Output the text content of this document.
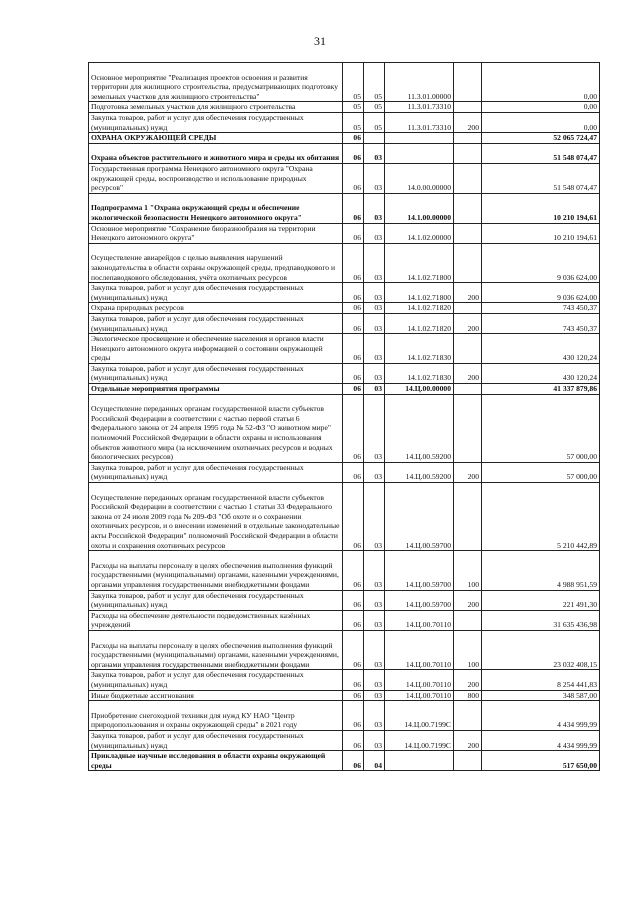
31
Основное мероприятие "Реализация проектов освоения и развития территории для жилищного строительства, предусматривающих подготовку земельных участков для жилищного строительства"	05	05	11.3.01.00000		0,00
Подготовка земельных участков для жилищного строительства	05	05	11.3.01.73310		0,00
Закупка товаров, работ и услуг для обеспечения государственных (муниципальных) нужд	05	05	11.3.01.73310	200	0,00
ОХРАНА ОКРУЖАЮЩЕЙ СРЕДЫ	06				52 065 724,47
Охрана объектов растительного и животного мира и среды их обитания	06	03			51 548 074,47
Государственная программа Ненецкого автономного округа "Охрана окружающей среды, воспроизводство и использование природных ресурсов"	06	03	14.0.00.00000		51 548 074,47
Подпрограмма 1 "Охрана окружающей среды и обеспечение экологической безопасности Ненецкого автономного округа"	06	03	14.1.00.00000		10 210 194,61
Основное мероприятие "Сохранение биоразнообразия на территории Ненецкого автономного округа"	06	03	14.1.02.00000		10 210 194,61
Осуществление авиарейдов с целью выявления нарушений законодательства в области охраны окружающей среды, предпаводкового и послепаводкового обследования, учёта охотничьих ресурсов	06	03	14.1.02.71800		9 036 624,00
Закупка товаров, работ и услуг для обеспечения государственных (муниципальных) нужд	06	03	14.1.02.71800	200	9 036 624,00
Охрана природных ресурсов	06	03	14.1.02.71820		743 450,37
Закупка товаров, работ и услуг для обеспечения государственных (муниципальных) нужд	06	03	14.1.02.71820	200	743 450,37
Экологическое просвещение и обеспечение населения и органов власти Ненецкого автономного округа информацией о состоянии окружающей среды	06	03	14.1.02.71830		430 120,24
Закупка товаров, работ и услуг для обеспечения государственных (муниципальных) нужд	06	03	14.1.02.71830	200	430 120,24
Отдельные мероприятия программы	06	03	14.Ц.00.00000		41 337 879,86
Осуществление переданных органам государственной власти субъектов Российской Федерации в соответствии с частью первой статьи 6 Федерального закона от 24 апреля 1995 года № 52-ФЗ "О животном мире" полномочий Российской Федерации в области охраны и использования объектов животного мира (за исключением охотничьих ресурсов и водных биологических ресурсов)	06	03	14.Ц.00.59200		57 000,00
Закупка товаров, работ и услуг для обеспечения государственных (муниципальных) нужд	06	03	14.Ц.00.59200	200	57 000,00
Осуществление переданных органам государственной власти субъектов Российской Федерации в соответствии с частью 1 статьи 33 Федерального закона от 24 июля 2009 года № 209-ФЗ "Об охоте и о сохранении охотничьих ресурсов, и о внесении изменений в отдельные законодательные акты Российской Федерации" полномочий Российской Федерации в области охоты и сохранения охотничьих ресурсов	06	03	14.Ц.00.59700		5 210 442,89
Расходы на выплаты персоналу в целях обеспечения выполнения функций государственными (муниципальными) органами, казенными учреждениями, органами управления государственными внебюджетными фондами	06	03	14.Ц.00.59700	100	4 988 951,59
Закупка товаров, работ и услуг для обеспечения государственных (муниципальных) нужд	06	03	14.Ц.00.59700	200	221 491,30
Расходы на обеспечение деятельности подведомственных казённых учреждений	06	03	14.Ц.00.70110		31 635 436,98
Расходы на выплаты персоналу в целях обеспечения выполнения функций государственными (муниципальными) органами, казенными учреждениями, органами управления государственными внебюджетными фондами	06	03	14.Ц.00.70110	100	23 032 408,15
Закупка товаров, работ и услуг для обеспечения государственных (муниципальных) нужд	06	03	14.Ц.00.70110	200	8 254 441,83
Иные бюджетные ассигнования	06	03	14.Ц.00.70110	800	348 587,00
Приобретение снегоходной техники для нужд КУ НАО "Центр природопользования и охраны окружающей среды" в 2021 году	06	03	14.Ц.00.7199С		4 434 999,99
Закупка товаров, работ и услуг для обеспечения государственных (муниципальных) нужд	06	03	14.Ц.00.7199С	200	4 434 999,99
Прикладные научные исследования в области охраны окружающей среды	06	04			517 650,00
